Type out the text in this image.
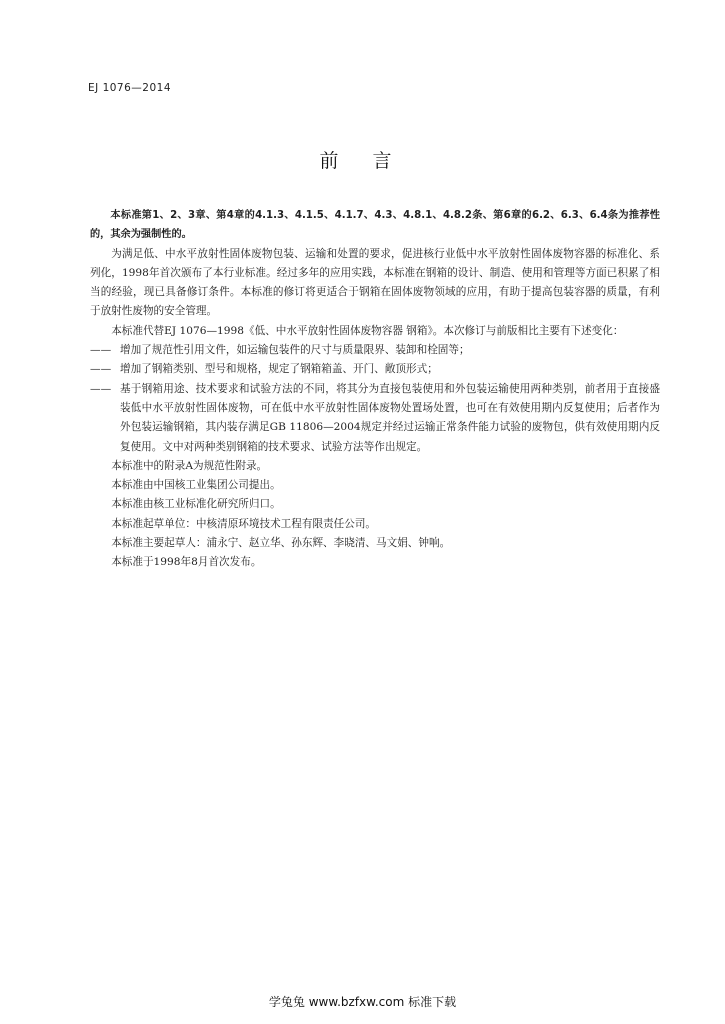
EJ 1076—2014
前 言

本标准第1、2、3章、第4章的4.1.3、4.1.5、4.1.7、4.3、4.8.1、4.8.2条、第6章的6.2、6.3、6.4条为推荐性的，其余为强制性的。

为满足低、中水平放射性固体废物包装、运输和处置的要求，促进核行业低中水平放射性固体废物容器的标准化、系列化，1998年首次颁布了本行业标准。经过多年的应用实践，本标准在钢箱的设计、制造、使用和管理等方面已积累了相当的经验，现已具备修订条件。本标准的修订将更适合于钢箱在固体废物领域的应用，有助于提高包装容器的质量，有利于放射性废物的安全管理。

本标准代替EJ 1076—1998《低、中水平放射性固体废物容器 钢箱》。本次修订与前版相比主要有下述变化：

—— 增加了规范性引用文件，如运输包装件的尺寸与质量限界、装卸和栓固等；

—— 增加了钢箱类别、型号和规格，规定了钢箱箱盖、开门、敞顶形式；

—— 基于钢箱用途、技术要求和试验方法的不同，将其分为直接包装使用和外包装运输使用两种类别，前者用于直接盛装低中水平放射性固体废物，可在低中水平放射性固体废物处置场处置，也可在有效使用期内反复使用；后者作为外包装运输钢箱，其内装存满足GB 11806—2004规定并经过运输正常条件能力试验的废物包，供有效使用期内反复使用。文中对两种类别钢箱的技术要求、试验方法等作出规定。

本标准中的附录A为规范性附录。

本标准由中国核工业集团公司提出。

本标准由核工业标准化研究所归口。

本标准起草单位：中核清原环境技术工程有限责任公司。

本标准主要起草人：浦永宁、赵立华、孙东辉、李晓清、马文娟、钟响。

本标准于1998年8月首次发布。

学兔兔 www.bzfxw.com 标准下载
